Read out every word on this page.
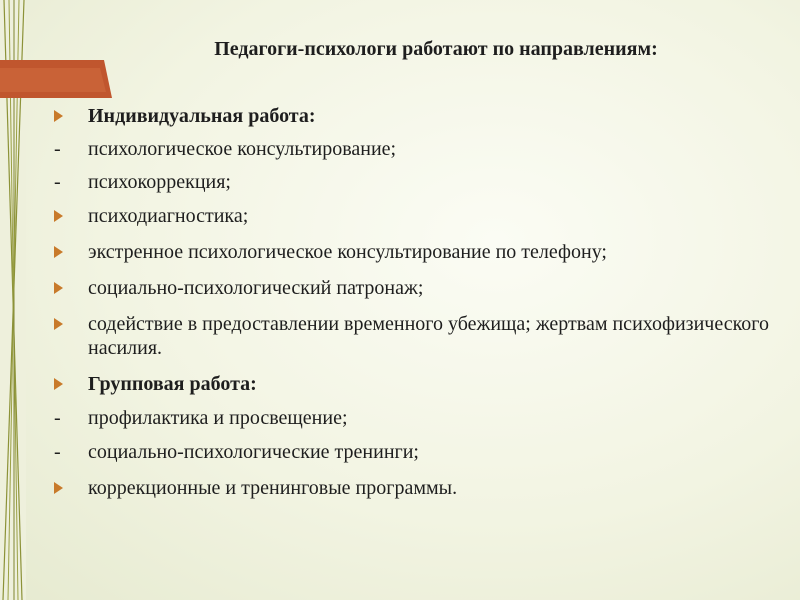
Педагоги-психологи работают по направлениям:
Индивидуальная работа:
-	психологическое консультирование;
-	психокоррекция;
психодиагностика;
экстренное психологическое консультирование по телефону;
социально-психологический патронаж;
содействие в предоставлении временного убежища; жертвам психофизического насилия.
Групповая работа:
-	профилактика и просвещение;
-	социально-психологические тренинги;
коррекционные и тренинговые программы.
